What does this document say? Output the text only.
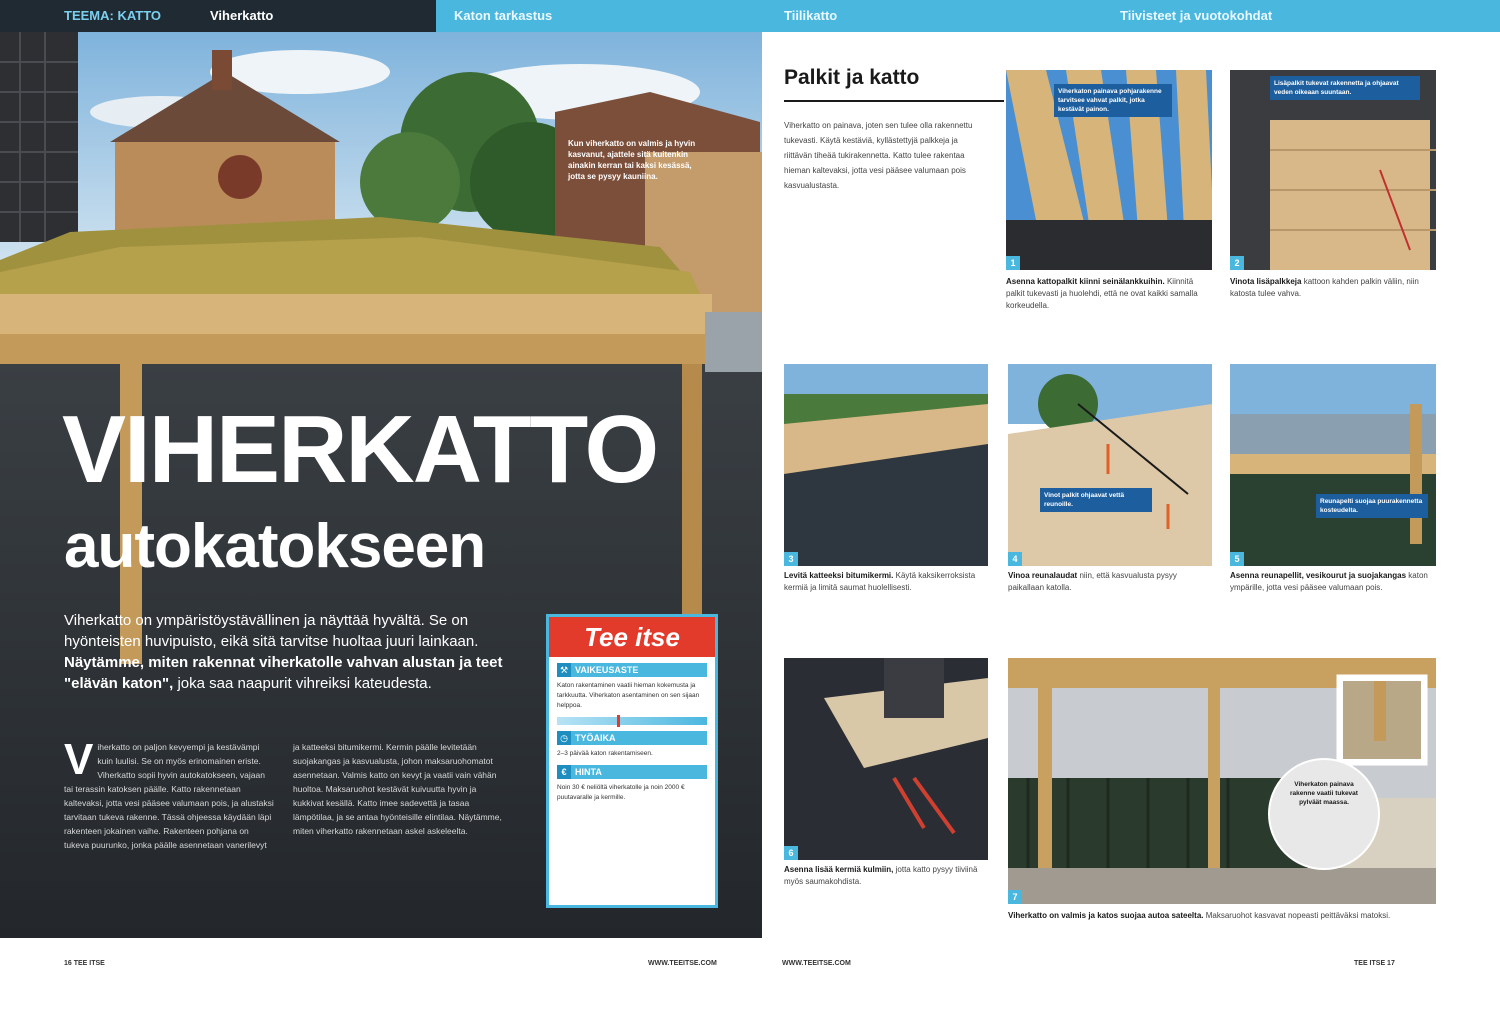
TEEMA: KATTO	Viherkatto	Katon tarkastus	Tiilikatto	Tiivisteet ja vuotokohdat
Kun viherkatto on valmis ja hyvin kasvanut, ajattele sitä kuitenkin ainakin kerran tai kaksi kesässä, jotta se pysyy kauniina.
VIHERKATTO
autokatokseen
Viherkatto on ympäristöystävällinen ja näyttää hyvältä. Se on hyönteisten huvipuisto, eikä sitä tarvitse huoltaa juuri lainkaan. Näytämme, miten rakennat viherkatolle vahvan alustan ja teet "elävän katon", joka saa naapurit vihreiksi kateudesta.
V iherkatto on paljon kevyempi ja kestävämpi kuin luulisi. Se on myös erinomainen eriste. Viherkatto sopii hyvin autokatokseen, vajaan tai terassin katoksen päälle. Katto rakennetaan kaltevaksi, jotta vesi pääsee valumaan pois, ja alustaksi tarvitaan tukeva rakenne. Tässä ohjeessa käydään läpi rakenteen jokainen vaihe. Rakenteen pohjana on tukeva puurunko, jonka päälle asennetaan vanerilevyt ja katteeksi bitumikermi. Kermin päälle levitetään suojakangas ja kasvualusta, johon maksaruohomatot asennetaan. Valmis katto on kevyt ja vaatii vain vähän huoltoa. Maksaruohot kestävät kuivuutta hyvin ja kukkivat kesällä. Katto imee sadevettä ja tasaa lämpötilaa, ja se antaa hyönteisille elintilaa. Näytämme, miten viherkatto rakennetaan askel askeleelta.
Tee itse
⚒ VAIKEUSASTE

Katon rakentaminen vaatii hieman kokemusta ja tarkkuutta. Viherkaton asentaminen on sen sijaan helppoa.

◷ TYÖAIKA

2–3 päivää katon rakentamiseen.

€ HINTA

Noin 30 € neliöltä viherkatolle ja noin 2000 € puutavaralle ja kermille.

Palkit ja katto
Viherkatto on painava, joten sen tulee olla rakennettu tukevasti. Käytä kestäviä, kyllästettyjä palkkeja ja riittävän tiheää tukirakennetta. Katto tulee rakentaa hieman kaltevaksi, jotta vesi pääsee valumaan pois kasvualustasta.
1
Viherkaton painava pohjarakenne tarvitsee vahvat palkit, jotka kestävät painon.
Asenna kattopalkit kiinni seinälankkuihin. Kiinnitä palkit tukevasti ja huolehdi, että ne ovat kaikki samalla korkeudella.
2
Lisäpalkit tukevat rakennetta ja ohjaavat veden oikeaan suuntaan.
Vinota lisäpalkkeja kattoon kahden palkin väliin, niin katosta tulee vahva.
3
Levitä katteeksi bitumikermi. Käytä kaksikerroksista kermiä ja limitä saumat huolellisesti.
4
Vinot palkit ohjaavat vettä reunoille.
Vinoa reunalaudat niin, että kasvualusta pysyy paikallaan katolla.
5
Reunapelti suojaa puurakennetta kosteudelta.
Asenna reunapellit, vesikourut ja suojakangas katon ympärille, jotta vesi pääsee valumaan pois.
6
Asenna lisää kermiä kulmiin, jotta katto pysyy tiiviinä myös saumakohdista.
7
Viherkaton painava rakenne vaatii tukevat pylväät maassa.
Viherkatto on valmis ja katos suojaa autoa sateelta. Maksaruohot kasvavat nopeasti peittäväksi matoksi.
16 TEE ITSE	WWW.TEEITSE.COM	WWW.TEEITSE.COM	TEE ITSE 17
